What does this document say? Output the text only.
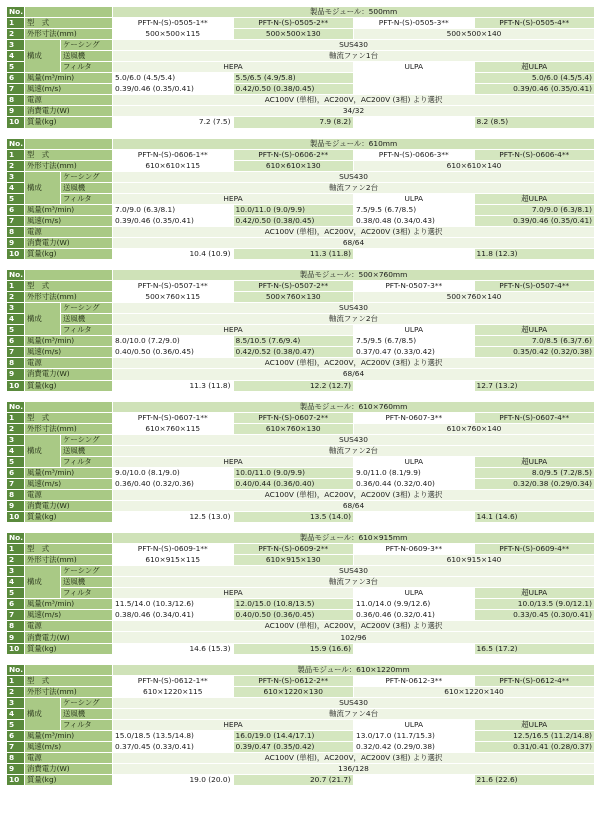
No.			製品モジュール：500mm			
1	型　式		PFT-N-(S)-0505-1**	PFT-N-(S)-0505-2**	PFT-N-(S)-0505-3**	PFT-N-(S)-0505-4**
2	外形寸法(mm)		500×500×115	500×500×130	500×500×140	
3	構成	ケーシング	SUS430			
4		送風機	軸流ファン1台			
5		フィルタ	HEPA		ULPA	超ULPA
6	風量(m³/min)		5.0/6.0 (4.5/5.4)	5.5/6.5 (4.9/5.8)		5.0/6.0 (4.5/5.4)
7	風速(m/s)		0.39/0.46 (0.35/0.41)	0.42/0.50 (0.38/0.45)		0.39/0.46 (0.35/0.41)
8	電源		AC100V (単相)，AC200V，AC200V (3相) より選択			
9	消費電力(W)		34/32			
10	質量(kg)		7.2 (7.5)	7.9 (8.2)		8.2 (8.5)
No.			製品モジュール：610mm			
1	型　式		PFT-N-(S)-0606-1**	PFT-N-(S)-0606-2**	PFT-N-(S)-0606-3**	PFT-N-(S)-0606-4**
2	外形寸法(mm)		610×610×115	610×610×130	610×610×140	
3	構成	ケーシング	SUS430			
4		送風機	軸流ファン2台			
5		フィルタ	HEPA		ULPA	超ULPA
6	風量(m³/min)		7.0/9.0 (6.3/8.1)	10.0/11.0 (9.0/9.9)	7.5/9.5 (6.7/8.5)	7.0/9.0 (6.3/8.1)
7	風速(m/s)		0.39/0.46 (0.35/0.41)	0.42/0.50 (0.38/0.45)	0.38/0.48 (0.34/0.43)	0.39/0.46 (0.35/0.41)
8	電源		AC100V (単相)，AC200V，AC200V (3相) より選択			
9	消費電力(W)		68/64			
10	質量(kg)		10.4 (10.9)	11.3 (11.8)		11.8 (12.3)
No.			製品モジュール：500×760mm			
1	型　式		PFT-N-(S)-0507-1**	PFT-N-(S)-0507-2**	PFT-N-0507-3**	PFT-N-(S)-0507-4**
2	外形寸法(mm)		500×760×115	500×760×130	500×760×140	
3	構成	ケーシング	SUS430			
4		送風機	軸流ファン2台			
5		フィルタ	HEPA		ULPA	超ULPA
6	風量(m³/min)		8.0/10.0 (7.2/9.0)	8.5/10.5 (7.6/9.4)	7.5/9.5 (6.7/8.5)	7.0/8.5 (6.3/7.6)
7	風速(m/s)		0.40/0.50 (0.36/0.45)	0.42/0.52 (0.38/0.47)	0.37/0.47 (0.33/0.42)	0.35/0.42 (0.32/0.38)
8	電源		AC100V (単相)，AC200V，AC200V (3相) より選択			
9	消費電力(W)		68/64			
10	質量(kg)		11.3 (11.8)	12.2 (12.7)		12.7 (13.2)
No.			製品モジュール：610×760mm			
1	型　式		PFT-N-(S)-0607-1**	PFT-N-(S)-0607-2**	PFT-N-0607-3**	PFT-N-(S)-0607-4**
2	外形寸法(mm)		610×760×115	610×760×130	610×760×140	
3	構成	ケーシング	SUS430			
4		送風機	軸流ファン2台			
5		フィルタ	HEPA		ULPA	超ULPA
6	風量(m³/min)		9.0/10.0 (8.1/9.0)	10.0/11.0 (9.0/9.9)	9.0/11.0 (8.1/9.9)	8.0/9.5 (7.2/8.5)
7	風速(m/s)		0.36/0.40 (0.32/0.36)	0.40/0.44 (0.36/0.40)	0.36/0.44 (0.32/0.40)	0.32/0.38 (0.29/0.34)
8	電源		AC100V (単相)，AC200V，AC200V (3相) より選択			
9	消費電力(W)		68/64			
10	質量(kg)		12.5 (13.0)	13.5 (14.0)		14.1 (14.6)
No.			製品モジュール：610×915mm			
1	型　式		PFT-N-(S)-0609-1**	PFT-N-(S)-0609-2**	PFT-N-0609-3**	PFT-N-(S)-0609-4**
2	外形寸法(mm)		610×915×115	610×915×130	610×915×140	
3	構成	ケーシング	SUS430			
4		送風機	軸流ファン3台			
5		フィルタ	HEPA		ULPA	超ULPA
6	風量(m³/min)		11.5/14.0 (10.3/12.6)	12.0/15.0 (10.8/13.5)	11.0/14.0 (9.9/12.6)	10.0/13.5 (9.0/12.1)
7	風速(m/s)		0.38/0.46 (0.34/0.41)	0.40/0.50 (0.36/0.45)	0.36/0.46 (0.32/0.41)	0.33/0.45 (0.30/0.41)
8	電源		AC100V (単相)，AC200V，AC200V (3相) より選択			
9	消費電力(W)		102/96			
10	質量(kg)		14.6 (15.3)	15.9 (16.6)		16.5 (17.2)
No.			製品モジュール：610×1220mm			
1	型　式		PFT-N-(S)-0612-1**	PFT-N-(S)-0612-2**	PFT-N-0612-3**	PFT-N-(S)-0612-4**
2	外形寸法(mm)		610×1220×115	610×1220×130	610×1220×140	
3	構成	ケーシング	SUS430			
4		送風機	軸流ファン4台			
5		フィルタ	HEPA		ULPA	超ULPA
6	風量(m³/min)		15.0/18.5 (13.5/14.8)	16.0/19.0 (14.4/17.1)	13.0/17.0 (11.7/15.3)	12.5/16.5 (11.2/14.8)
7	風速(m/s)		0.37/0.45 (0.33/0.41)	0.39/0.47 (0.35/0.42)	0.32/0.42 (0.29/0.38)	0.31/0.41 (0.28/0.37)
8	電源		AC100V (単相)，AC200V，AC200V (3相) より選択			
9	消費電力(W)		136/128			
10	質量(kg)		19.0 (20.0)	20.7 (21.7)		21.6 (22.6)
